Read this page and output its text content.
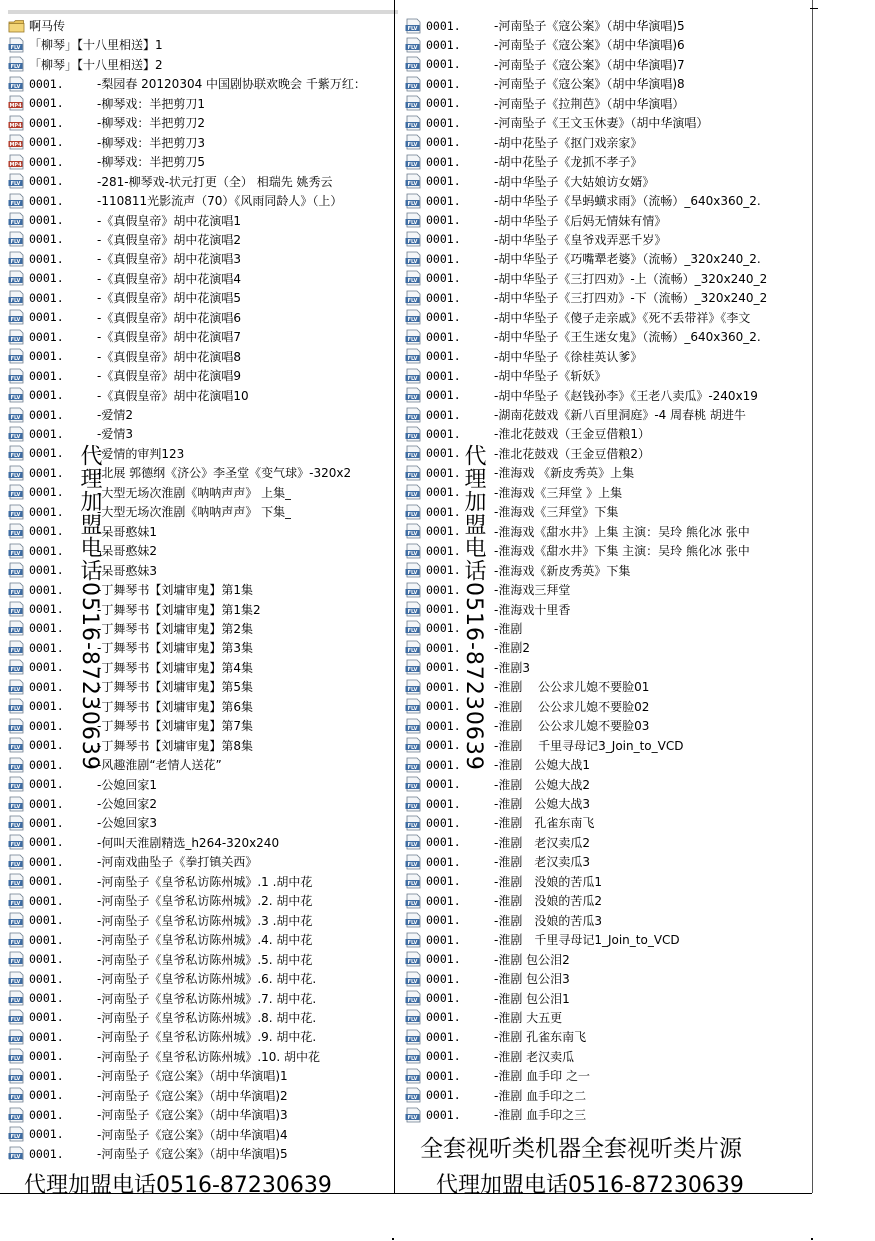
啊马传
FLV 「柳琴」【十八里相送】1
FLV 「柳琴」【十八里相送】2
FLV 0001.	-梨园春 20120304 中国剧协联欢晚会 千紫万红：
MP4 0001.	-柳琴戏：半把剪刀1
MP4 0001.	-柳琴戏：半把剪刀2
MP4 0001.	-柳琴戏：半把剪刀3
MP4 0001.	-柳琴戏：半把剪刀5
FLV 0001.	-281-柳琴戏-状元打更（全） 相瑞先 姚秀云
FLV 0001.	-110811光影流声（70）《风雨同龄人》（上）
FLV 0001.	-《真假皇帝》胡中花演唱1
FLV 0001.	-《真假皇帝》胡中花演唱2
FLV 0001.	-《真假皇帝》胡中花演唱3
FLV 0001.	-《真假皇帝》胡中花演唱4
FLV 0001.	-《真假皇帝》胡中花演唱5
FLV 0001.	-《真假皇帝》胡中花演唱6
FLV 0001.	-《真假皇帝》胡中花演唱7
FLV 0001.	-《真假皇帝》胡中花演唱8
FLV 0001.	-《真假皇帝》胡中花演唱9
FLV 0001.	-《真假皇帝》胡中花演唱10
FLV 0001.	-爱情2
FLV 0001.	-爱情3
FLV 0001.	-爱情的审判123
FLV 0001.	-北展 郭德纲《济公》李圣堂《变气球》-320x2
FLV 0001.	-大型无场次淮剧《呐呐声声》 上集_
FLV 0001.	-大型无场次淮剧《呐呐声声》 下集_
FLV 0001.	-呆哥憨妹1
FLV 0001.	-呆哥憨妹2
FLV 0001.	-呆哥憨妹3
FLV 0001.	-丁舞琴书【刘墉审鬼】第1集
FLV 0001.	-丁舞琴书【刘墉审鬼】第1集2
FLV 0001.	-丁舞琴书【刘墉审鬼】第2集
FLV 0001.	-丁舞琴书【刘墉审鬼】第3集
FLV 0001.	-丁舞琴书【刘墉审鬼】第4集
FLV 0001.	-丁舞琴书【刘墉审鬼】第5集
FLV 0001.	-丁舞琴书【刘墉审鬼】第6集
FLV 0001.	-丁舞琴书【刘墉审鬼】第7集
FLV 0001.	-丁舞琴书【刘墉审鬼】第8集
FLV 0001.	-风趣淮剧“老情人送花”
FLV 0001.	-公媳回家1
FLV 0001.	-公媳回家2
FLV 0001.	-公媳回家3
FLV 0001.	-何叫天淮剧精选_h264-320x240
FLV 0001.	-河南戏曲坠子《拳打镇关西》
FLV 0001.	-河南坠子《皇爷私访陈州城》.1 .胡中花
FLV 0001.	-河南坠子《皇爷私访陈州城》.2. 胡中花
FLV 0001.	-河南坠子《皇爷私访陈州城》.3 .胡中花
FLV 0001.	-河南坠子《皇爷私访陈州城》.4. 胡中花
FLV 0001.	-河南坠子《皇爷私访陈州城》.5. 胡中花
FLV 0001.	-河南坠子《皇爷私访陈州城》.6. 胡中花.
FLV 0001.	-河南坠子《皇爷私访陈州城》.7. 胡中花.
FLV 0001.	-河南坠子《皇爷私访陈州城》.8. 胡中花.
FLV 0001.	-河南坠子《皇爷私访陈州城》.9. 胡中花.
FLV 0001.	-河南坠子《皇爷私访陈州城》.10. 胡中花
FLV 0001.	-河南坠子《寇公案》（胡中华演唱)1
FLV 0001.	-河南坠子《寇公案》（胡中华演唱)2
FLV 0001.	-河南坠子《寇公案》（胡中华演唱)3
FLV 0001.	-河南坠子《寇公案》（胡中华演唱)4
FLV 0001.	-河南坠子《寇公案》（胡中华演唱)5
FLV 0001.	-河南坠子《寇公案》（胡中华演唱)5
FLV 0001.	-河南坠子《寇公案》（胡中华演唱)6
FLV 0001.	-河南坠子《寇公案》（胡中华演唱)7
FLV 0001.	-河南坠子《寇公案》（胡中华演唱)8
FLV 0001.	-河南坠子《拉荆芭》（胡中华演唱）
FLV 0001.	-河南坠子《王文玉休妻》（胡中华演唱）
FLV 0001.	-胡中花坠子《抠门戏亲家》
FLV 0001.	-胡中花坠子《龙抓不孝子》
FLV 0001.	-胡中华坠子《大姑娘访女婿》
FLV 0001.	-胡中华坠子《旱蚂蟥求雨》（流畅）_640x360_2.
FLV 0001.	-胡中华坠子《后妈无情妹有情》
FLV 0001.	-胡中华坠子《皇爷戏弄恶千岁》
FLV 0001.	-胡中华坠子《巧嘴犟老婆》（流畅）_320x240_2.
FLV 0001.	-胡中华坠子《三打四劝》-上（流畅）_320x240_2
FLV 0001.	-胡中华坠子《三打四劝》-下（流畅）_320x240_2
FLV 0001.	-胡中华坠子《傻子走亲戚》《死不丢带祥》《李文
FLV 0001.	-胡中华坠子《王生迷女鬼》（流畅）_640x360_2.
FLV 0001.	-胡中华坠子《徐桂英认爹》
FLV 0001.	-胡中华坠子《斩妖》
FLV 0001.	-胡中华坠子《赵钱孙李》《王老八卖瓜》-240x19
FLV 0001.	-湖南花鼓戏《新八百里洞庭》-4 周春桃 胡进牛
FLV 0001.	-淮北花鼓戏（王金豆借粮1）
FLV 0001.	-淮北花鼓戏（王金豆借粮2）
FLV 0001.	-淮海戏 《新皮秀英》上集
FLV 0001.	-淮海戏《三拜堂 》上集
FLV 0001.	-淮海戏《三拜堂》下集
FLV 0001.	-淮海戏《甜水井》上集 主演：吴玲 熊化冰 张中
FLV 0001.	-淮海戏《甜水井》下集 主演：吴玲 熊化冰 张中
FLV 0001.	-淮海戏《新皮秀英》下集
FLV 0001.	-淮海戏三拜堂
FLV 0001.	-淮海戏十里香
FLV 0001.	-淮剧
FLV 0001.	-淮剧2
FLV 0001.	-淮剧3
FLV 0001.	-淮剧　 公公求儿媳不要脸01
FLV 0001.	-淮剧　 公公求儿媳不要脸02
FLV 0001.	-淮剧　 公公求儿媳不要脸03
FLV 0001.	-淮剧　 千里寻母记3_Join_to_VCD
FLV 0001.	-淮剧　公媳大战1
FLV 0001.	-淮剧　公媳大战2
FLV 0001.	-淮剧　公媳大战3
FLV 0001.	-淮剧　孔雀东南飞
FLV 0001.	-淮剧　老汉卖瓜2
FLV 0001.	-淮剧　老汉卖瓜3
FLV 0001.	-淮剧　没娘的苦瓜1
FLV 0001.	-淮剧　没娘的苦瓜2
FLV 0001.	-淮剧　没娘的苦瓜3
FLV 0001.	-淮剧　千里寻母记1_Join_to_VCD
FLV 0001.	-淮剧 包公泪2
FLV 0001.	-淮剧 包公泪3
FLV 0001.	-淮剧 包公泪1
FLV 0001.	-淮剧 大五更
FLV 0001.	-淮剧 孔雀东南飞
FLV 0001.	-淮剧 老汉卖瓜
FLV 0001.	-淮剧 血手印 之一
FLV 0001.	-淮剧 血手印之二
FLV 0001.	-淮剧 血手印之三
代理加盟电话0516-87230639	代理加盟电话0516-87230639
全套视听类机器全套视听类片源
代理加盟电话0516-87230639	代理加盟电话0516-87230639
